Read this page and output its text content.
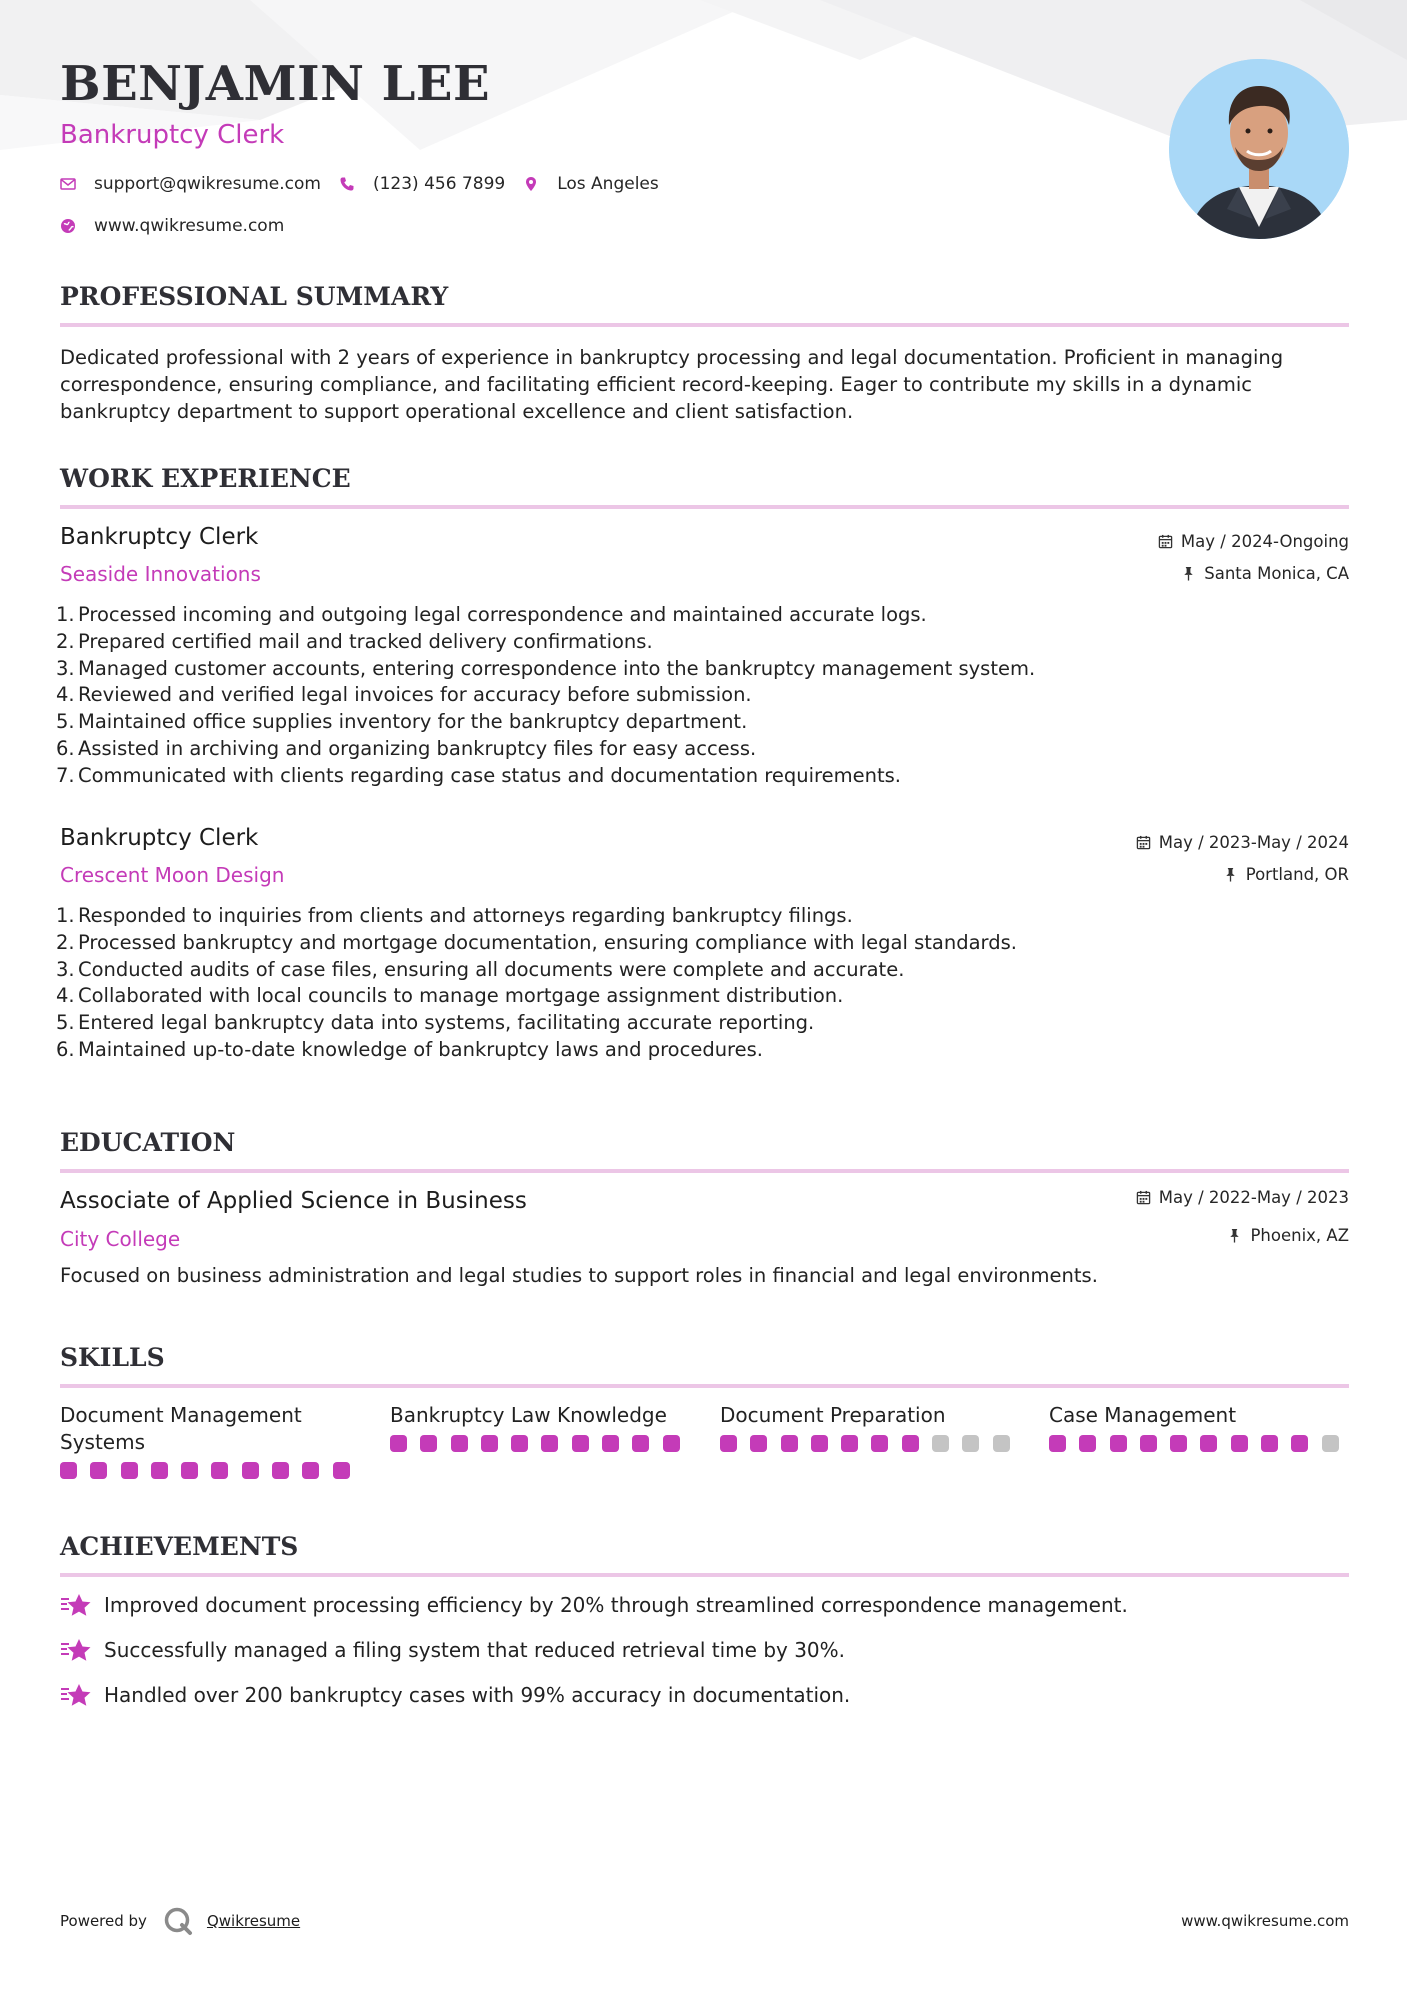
BENJAMIN LEE
Bankruptcy Clerk
support@qwikresume.com	(123) 456 7899	Los Angeles
www.qwikresume.com
PROFESSIONAL SUMMARY

Dedicated professional with 2 years of experience in bankruptcy processing and legal documentation. Proficient in managing correspondence, ensuring compliance, and facilitating efficient record-keeping. Eager to contribute my skills in a dynamic bankruptcy department to support operational excellence and client satisfaction.

WORK EXPERIENCE
Bankruptcy Clerk
Seaside Innovations
May / 2024-Ongoing
Santa Monica, CA
1. Processed incoming and outgoing legal correspondence and maintained accurate logs.
2. Prepared certified mail and tracked delivery confirmations.
3. Managed customer accounts, entering correspondence into the bankruptcy management system.
4. Reviewed and verified legal invoices for accuracy before submission.
5. Maintained office supplies inventory for the bankruptcy department.
6. Assisted in archiving and organizing bankruptcy files for easy access.
7. Communicated with clients regarding case status and documentation requirements.
Bankruptcy Clerk
Crescent Moon Design
May / 2023-May / 2024
Portland, OR
1. Responded to inquiries from clients and attorneys regarding bankruptcy filings.
2. Processed bankruptcy and mortgage documentation, ensuring compliance with legal standards.
3. Conducted audits of case files, ensuring all documents were complete and accurate.
4. Collaborated with local councils to manage mortgage assignment distribution.
5. Entered legal bankruptcy data into systems, facilitating accurate reporting.
6. Maintained up-to-date knowledge of bankruptcy laws and procedures.
EDUCATION
Associate of Applied Science in Business
City College
May / 2022-May / 2023
Phoenix, AZ

Focused on business administration and legal studies to support roles in financial and legal environments.

SKILLS
Document Management Systems
Bankruptcy Law Knowledge	Document Preparation	Case Management
ACHIEVEMENTS
Improved document processing efficiency by 20% through streamlined correspondence management.
Successfully managed a filing system that reduced retrieval time by 30%.
Handled over 200 bankruptcy cases with 99% accuracy in documentation.
Powered by	Qwikresume	www.qwikresume.com
